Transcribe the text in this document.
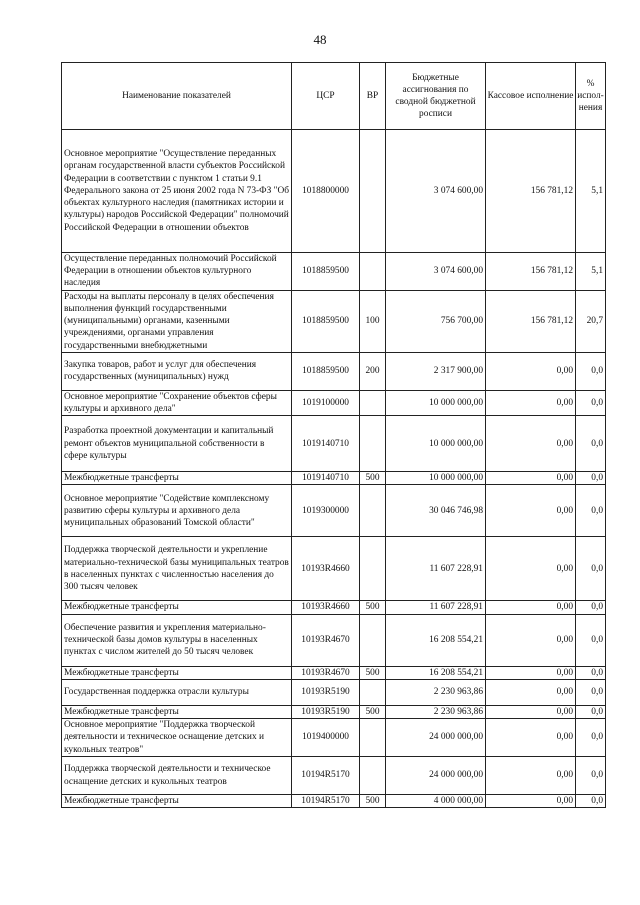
48
Наименование показателей	ЦСР	ВР	Бюджетные ассигнования по сводной бюджетной росписи	Кассовое исполнение	% испол-нения
Основное мероприятие "Осуществление переданных органам государственной власти субъектов Российской Федерации в соответствии с пунктом 1 статьи 9.1 Федерального закона от 25 июня 2002 года N 73-ФЗ "Об объектах культурного наследия (памятниках истории и культуры) народов Российской Федерации" полномочий Российской Федерации в отношении объектов	1018800000		3 074 600,00	156 781,12	5,1
Осуществление переданных полномочий Российской Федерации в отношении объектов культурного наследия	1018859500		3 074 600,00	156 781,12	5,1
Расходы на выплаты персоналу в целях обеспечения выполнения функций государственными (муниципальными) органами, казенными учреждениями, органами управления государственными внебюджетными	1018859500	100	756 700,00	156 781,12	20,7
Закупка товаров, работ и услуг для обеспечения государственных (муниципальных) нужд	1018859500	200	2 317 900,00	0,00	0,0
Основное мероприятие "Сохранение объектов сферы культуры и архивного дела"	1019100000		10 000 000,00	0,00	0,0
Разработка проектной документации и капитальный ремонт объектов муниципальной собственности в сфере культуры	1019140710		10 000 000,00	0,00	0,0
Межбюджетные трансферты	1019140710	500	10 000 000,00	0,00	0,0
Основное мероприятие "Содействие комплексному развитию сферы культуры и архивного дела муниципальных образований Томской области"	1019300000		30 046 746,98	0,00	0,0
Поддержка творческой деятельности и укрепление материально-технической базы муниципальных театров в населенных пунктах с численностью населения до 300 тысяч человек	10193R4660		11 607 228,91	0,00	0,0
Межбюджетные трансферты	10193R4660	500	11 607 228,91	0,00	0,0
Обеспечение развития и укрепления материально-технической базы домов культуры в населенных пунктах с числом жителей до 50 тысяч человек	10193R4670		16 208 554,21	0,00	0,0
Межбюджетные трансферты	10193R4670	500	16 208 554,21	0,00	0,0
Государственная поддержка отрасли культуры	10193R5190		2 230 963,86	0,00	0,0
Межбюджетные трансферты	10193R5190	500	2 230 963,86	0,00	0,0
Основное мероприятие "Поддержка творческой деятельности и техническое оснащение детских и кукольных театров"	1019400000		24 000 000,00	0,00	0,0
Поддержка творческой деятельности и техническое оснащение детских и кукольных театров	10194R5170		24 000 000,00	0,00	0,0
Межбюджетные трансферты	10194R5170	500	4 000 000,00	0,00	0,0
